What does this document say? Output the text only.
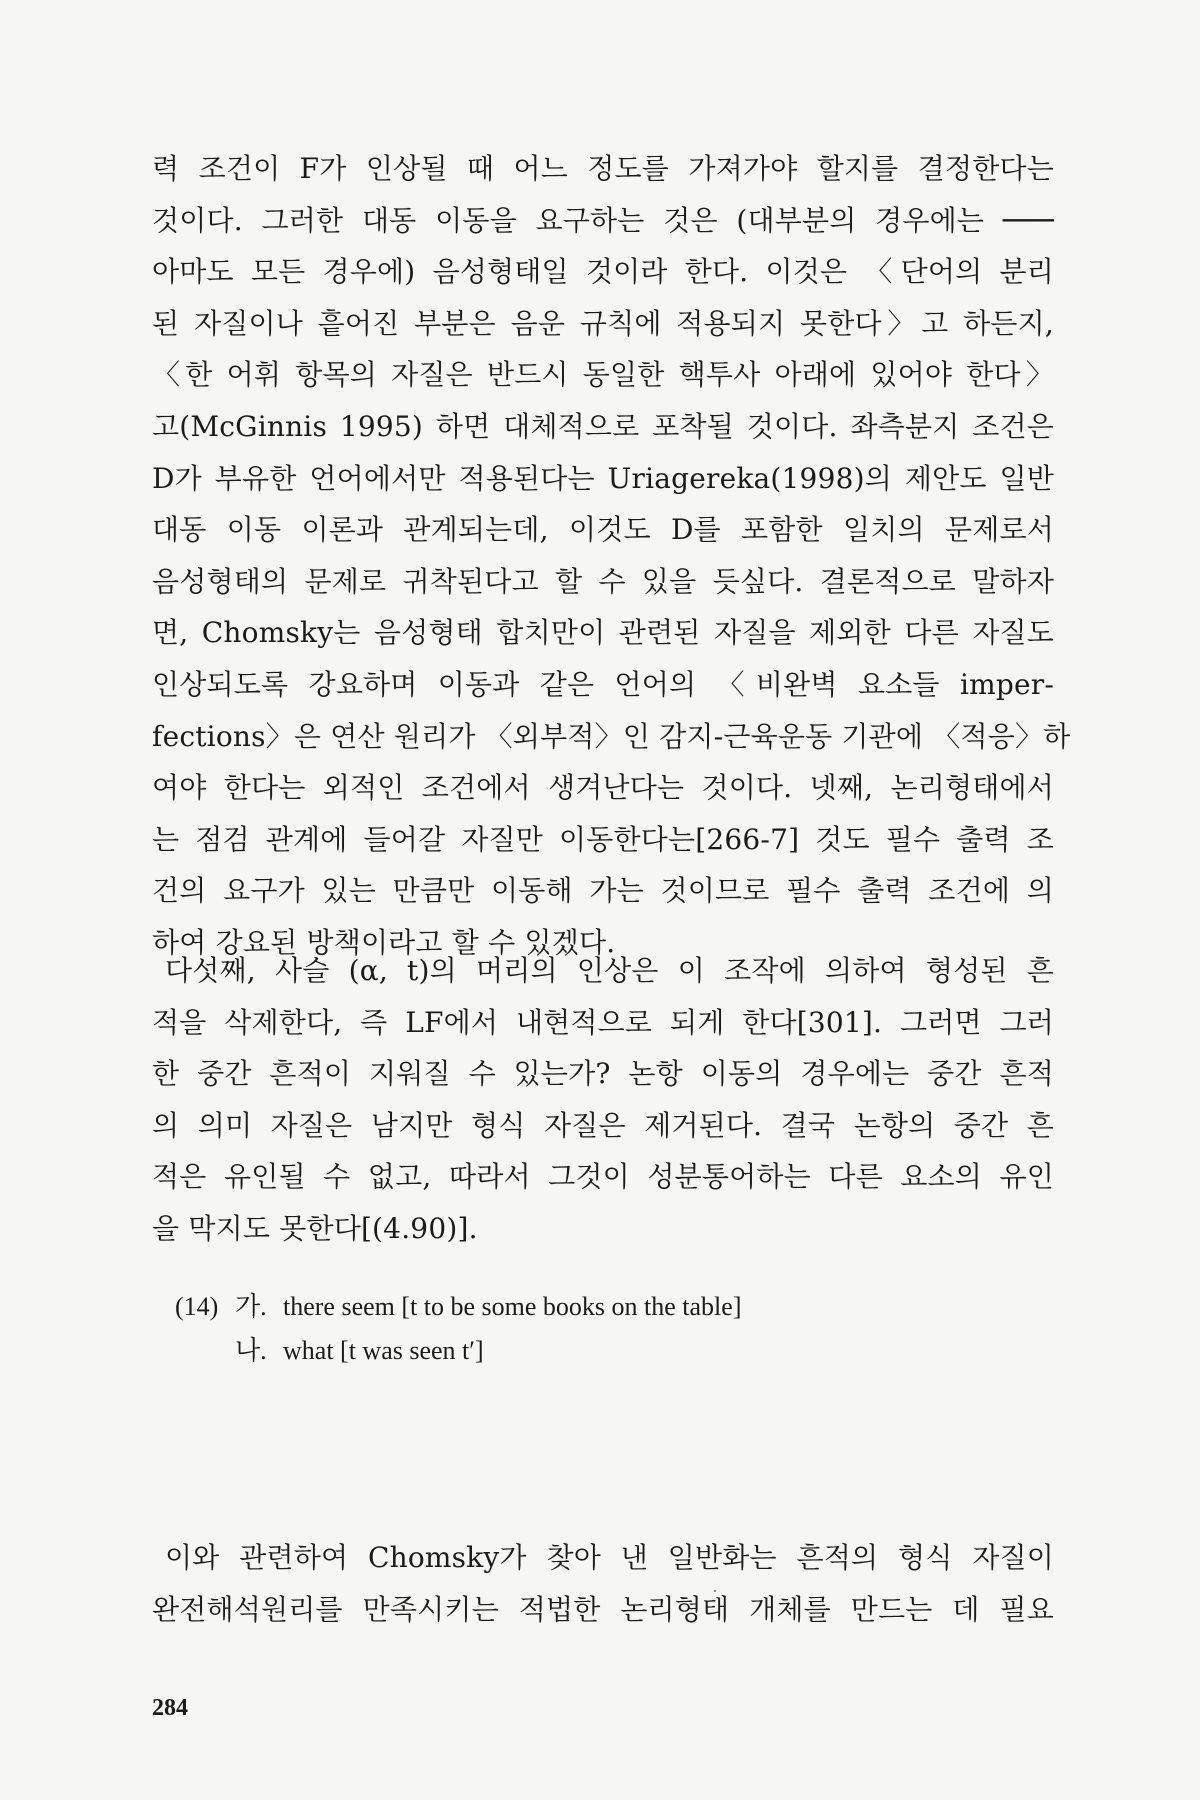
력 조건이 F가 인상될 때 어느 정도를 가져가야 할지를 결정한다는
것이다. 그러한 대동 이동을 요구하는 것은 (대부분의 경우에는 ───
아마도 모든 경우에) 음성형태일 것이라 한다. 이것은 〈단어의 분리
된 자질이나 흩어진 부분은 음운 규칙에 적용되지 못한다〉고 하든지,
〈한 어휘 항목의 자질은 반드시 동일한 핵투사 아래에 있어야 한다〉
고(McGinnis 1995) 하면 대체적으로 포착될 것이다. 좌측분지 조건은
D가 부유한 언어에서만 적용된다는 Uriagereka(1998)의 제안도 일반
대동 이동 이론과 관계되는데, 이것도 D를 포함한 일치의 문제로서
음성형태의 문제로 귀착된다고 할 수 있을 듯싶다. 결론적으로 말하자
면, Chomsky는 음성형태 합치만이 관련된 자질을 제외한 다른 자질도
인상되도록 강요하며 이동과 같은 언어의 〈비완벽 요소들 imper-
fections〉은 연산 원리가 〈외부적〉인 감지-근육운동 기관에 〈적응〉하
여야 한다는 외적인 조건에서 생겨난다는 것이다. 넷째, 논리형태에서
는 점검 관계에 들어갈 자질만 이동한다는[266-7] 것도 필수 출력 조
건의 요구가 있는 만큼만 이동해 가는 것이므로 필수 출력 조건에 의
하여 강요된 방책이라고 할 수 있겠다.
다섯째, 사슬 (α, t)의 머리의 인상은 이 조작에 의하여 형성된 흔
적을 삭제한다, 즉 LF에서 내현적으로 되게 한다[301]. 그러면 그러
한 중간 흔적이 지워질 수 있는가? 논항 이동의 경우에는 중간 흔적
의 의미 자질은 남지만 형식 자질은 제거된다. 결국 논항의 중간 흔
적은 유인될 수 없고, 따라서 그것이 성분통어하는 다른 요소의 유인
을 막지도 못한다[(4.90)].
(14) 가. there seem [t to be some books on the table]
나. what [t was seen t′]
이와 관련하여 Chomsky가 찾아 낸 일반화는 흔적의 형식 자질이
완전해석원리를 만족시키는 적법한 논리형태 개체를 만드는 데 필요
284
